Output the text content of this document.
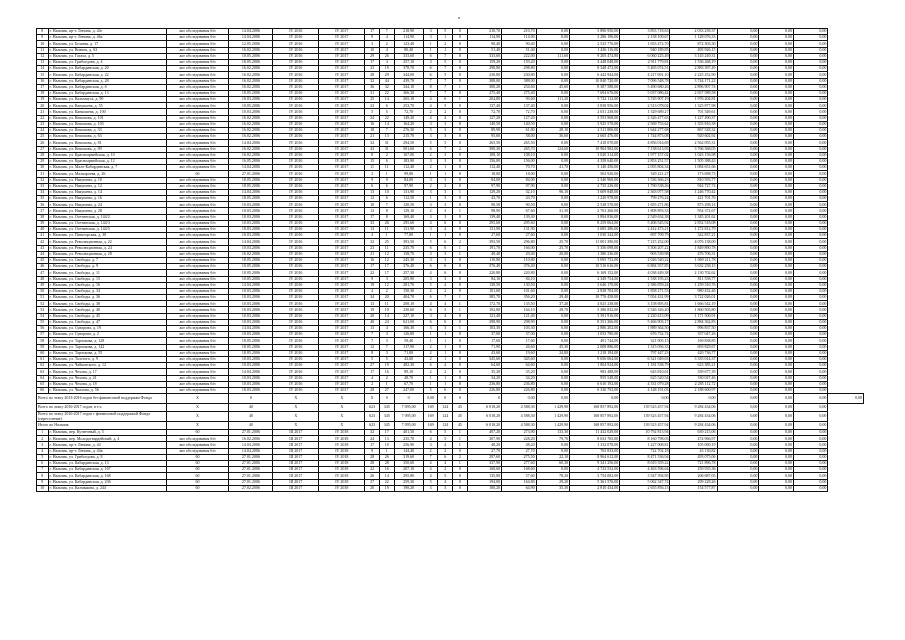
8	г. Нальчик, пр-т. Ленина, д. 44г	акт обследования б/н	14.04.2006	IV 2016	IV 2017	17	7	218,90	3	5	0	210,70	210,70	0,00	5 896 950,00	3 853 718,63	2 033 239,37	0,00	0,00	0,00	
9	г. Нальчик, пр-т. Ленина, д. 46а	акт обследования б/н	14.04.2006	IV 2016	IV 2017	9	4	114,90	3	1	0	114,90	114,90	0,00	3 286 196,00	2 138 109,67	1 128 076,33	0,00	0,00	0,00	
10	г. Нальчик, ул. Беляева, д. 17	акт обследования б/н	12.05.2006	IV 2016	IV 2017	3	2	123,40	1	2	0	90,40	90,40	0,00	2 525 776,00	1 653 472,70	872 303,30	0,00	0,00	0,00	
11	г. Нальчик, ул. Вовчок, д. 63	акт обследования б/н	16.02.2006	IV 2016	IV 2017	10	4	80,40	1	1	0	51,40	51,40	0,00	1 436 116,00	940 189,85	495 926,15	0,00	0,00	0,00	
12	г. Нальчик, ул. Гагаха, д. 5	акт обследования б/н	10.05.2006	IV 2016	IV 2017	29	26	333,60	6	7	0	333,60	222,00	111,60	9 205 474,80	6 060 225,49	3 145 249,31	0,00	0,00	0,00	
13	г. Нальчик, ул. Грибоедова, д. 4	акт обследования б/н	18.05.2006	IV 2016	IV 2017	17	4	257,10	3	5	0	159,20	159,20	0,00	4 448 048,00	2 911 779,81	1 536 268,19	0,00	0,00	0,00	
14	г. Нальчик, ул. Кабардинская, д. 20	акт обследования б/н	16.02.2006	IV 2016	IV 2017	23	19	378,70	6	7	0	298,80	298,80	0,00	8 348 472,00	5 465 074,51	2 883 397,49	0,00	0,00	0,00	
15	г. Нальчик, ул. Кабардинская, д. 22	акт обследования б/н	16.02.2006	IV 2016	IV 2017	28	29	344,00	6	5	0	230,80	230,80	0,00	6 442 944,00	4 217 691,10	2 225 252,90	0,00	0,00	0,00	
16	г. Нальчик, ул. Кабардинская, д. 28	акт обследования б/н	16.02.2006	IV 2016	IV 2017	32	44	439,70	7	7	0	388,00	388,00	0,00	10 840 720,00	7 096 548,78	3 744 171,22	0,00	0,00	0,00	
17	г. Нальчик, ул. Кабардинская, д. 6	акт обследования б/н	16.02.2006	IV 2016	IV 2017	36	32	344,10	8	7	1	300,20	254,60	45,60	8 387 588,00	5 490 680,26	2 896 907,74	0,00	0,00	0,00	
18	г. Нальчик, ул. Кабардинская, д. 13	акт обследования б/н	18.05.2006	IV 2016	IV 2017	31	22	366,30	7	7	0	275,40	275,40	0,00	7 694 676,00	5 037 086,42	2 657 589,58	0,00	0,00	0,00	
19	г. Нальчик, ул. Кальмиуса, д. 90	акт обследования б/н	10.03.2006	IV 2016	IV 2017	25	14	265,10	4	6	1	204,80	93,60	111,20	5 722 112,00	3 745 907,19	1 976 204,81	0,00	0,00	0,00	
20	г. Нальчик, ул. Канукоева, д. 55	акт обследования б/н	10.05.2006	IV 2016	IV 2017	23	6	253,70	4	5	0	137,40	137,40	0,00	3 838 956,00	2 513 078,02	1 325 877,98	0,00	0,00	0,00	
21	г. Нальчик, ул. Канкошева, д. 100	акт обследования б/н	10.03.2006	IV 2016	IV 2017	5	5	72,70	2	2	0	72,70	72,70	0,00	2 031 238,00	1 329 689,27	701 549,61	0,00	0,00	0,00	
22	г. Нальчик, ул. Кешокова, д. 101	акт обследования б/н	16.02.2006	IV 2016	IV 2017	24	22	149,20	4	4	0	127,20	127,20	0,00	3 553 968,00	2 326 477,63	1 227 490,37	0,00	0,00	0,00	
23	г. Нальчик, ул. Кешокова, д. 103	акт обследования б/н	16.02.2006	IV 2016	IV 2017	16	14	164,20	3	3	0	140,50	140,50	0,00	3 925 570,00	2 569 753,62	1 355 816,38	0,00	0,00	0,00	
24	г. Нальчик, ул. Кешокова, д. 33	акт обследования б/н	16.02.2006	IV 2016	IV 2017	18	7	276,30	5	3	0	89,90	61,80	28,10	2 511 806,00	1 644 277,68	867 528,32	0,00	0,00	0,00	
25	г. Нальчик, ул. Кешокова, д. 63	акт обследования б/н	16.02.2006	IV 2016	IV 2017	21	13	215,70	3	3	0	95,60	58,00	36,60	2 665 476,00	1 744 873,08	920 602,92	0,00	0,00	0,00	
26	г. Нальчик, ул. Кешокова, д. 81	акт обследования б/н	14.04.2006	IV 2016	IV 2017	32	31	294,50	5	5	0	265,50	265,50	0,00	7 418 070,00	4 856 014,69	2 562 055,31	0,00	0,00	0,00	
27	г. Нальчик, ул. Кешокова, д. 99	акт обследования б/н	16.02.2006	IV 2016	IV 2017	43	31	501,60	6	7	2	390,30	265,70	124,60	10 904 982,00	7 138 613,95	3 766 368,05	0,00	0,00	0,00	
28	г. Нальчик, ул. Красноармейская, д. 10	акт обследования б/н	16.02.2006	IV 2016	IV 2017	8	2	167,00	2	3	0	108,10	108,10	0,00	3 020 314,00	1 977 157,02	1 043 156,98	0,00	0,00	0,00	
29	г. Нальчик, ул. Красноармейская, д. 12	акт обследования б/н	16.05.2006	IV 2016	IV 2017	15	6	183,90	3	3	0	156,00	156,00	0,00	4 358 640,00	2 853 251,57	1 505 388,43	0,00	0,00	0,00	
30	г. Нальчик, ул. Мало-Кабардинская, д. 7	акт обследования б/н	14.04.2006	IV 2016	IV 2017	11	11	112,40	2	1	0	112,40	70,70	41,70	3 140 456,00	2 055 804,34	1 084 651,66	0,00	0,00	0,00	
31	г. Нальчик, ул. Малкароева, д. 26	60	27.01.2006	IV 2016	IV 2017	2	1	99,80	1	1	0	18,00	18,00	0,00	502 920,00	329 221,27	173 698,73	0,00	0,00	0,00	
32	г. Нальчик, ул. Накушева, д. 10	акт обследования б/н	18.05.2006	IV 2016	IV 2017	9	9	84,00	3	3	0	84,00	84,00	0,00	2 346 960,00	1 536 366,23	810 593,77	0,00	0,00	0,00	
33	г. Нальчик, ул. Накушева, д. 12	акт обследования б/н	18.05.2006	IV 2016	IV 2017	6	6	97,90	2	2	0	97,90	97,90	0,00	2 735 226,00	1 790 538,26	944 727,74	0,00	0,00	0,00	
34	г. Нальчик, ул. Накушева, д. 14	акт обследования б/н	14.04.2006	IV 2016	IV 2017	13	10	131,90	3	3	1	129,20	32,10	96,10	3 609 848,00	2 363 077,58	1 246 770,42	0,00	0,00	0,00	
35	г. Нальчик, ул. Накушева, д. 16	акт обследования б/н	18.05.2006	IV 2016	IV 2017	12	6	112,50	1	3	0	43,70	43,70	0,00	1 220 978,00	799 276,24	421 701,76	0,00	0,00	0,00	
36	г. Нальчик, ул. Накушева, д. 24	акт обследования б/н	10.03.2006	IV 2016	IV 2017	10	7	120,50	3	3	0	90,50	90,50	0,00	2 528 570,00	1 655 271,86	873 298,14	0,00	0,00	0,00	
37	г. Нальчик, ул. Накушева, д. 28	акт обследования б/н	10.03.2006	IV 2016	IV 2017	12	8	129,10	2	3	1	98,90	67,60	31,30	2 763 266,00	1 808 893,33	954 372,67	0,00	0,00	0,00	
38	г. Нальчик, ул. Осетинская, д. 144/2	акт обследования б/н	10.03.2006	IV 2016	IV 2017	17	8	169,40	3	3	0	139,40	139,40	0,00	3 894 836,00	2 549 634,38	1 345 201,62	0,00	0,00	0,00	
39	г. Нальчик, ул. Осетинская, д. 144/3	акт обследования б/н	10.03.2006	IV 2016	IV 2017	33	26	295,60	4	6	0	295,60	295,60	0,00	8 259 064,00	5 406 545,92	2 852 518,08	0,00	0,00	0,00	
40	г. Нальчик, ул. Осетинская, д. 144/5	акт обследования б/н	18.03.2006	IV 2016	IV 2017	13	11	131,90	3	4	0	131,90	131,90	0,00	3 685 286,00	2 412 473,21	1 272 812,79	0,00	0,00	0,00	
41	г. Нальчик, ул. Пятигорская, д. 38	акт обследования б/н	10.03.2006	IV 2016	IV 2017	4	1	77,80	1	1	0	27,60	27,60	0,00	1 030 344,00	697 709,79	342 837,21	0,00	0,00	0,00	
42	г. Нальчик, ул. Революционная, д. 22	акт обследования б/н	14.04.2006	IV 2016	IV 2017	32	25	393,50	5	6	2	393,50	296,80	25,70	11 001 390,00	7 215 252,00	4 076 138,00	0,00	0,00	0,00	
43	г. Нальчик, ул. Революционная, д. 24	акт обследования б/н	10.03.2006	IV 2016	IV 2017	23	11	235,70	6	6	1	191,70	166,00	25,70	5 356 098,00	3 506 207,22	1 849 890,78	0,00	0,00	0,00	
44	г. Нальчик, ул. Революционная, д. 28	акт обследования б/н	16.02.2006	IV 2016	IV 2017	21	12	158,70	3	3	1	49,40	29,40	20,00	1 380 236,00	903 539,98	476 706,31	0,00	0,00	0,00	
45	г. Нальчик, ул. Свободы, д. 7	акт обследования б/н	18.05.2006	IV 2016	IV 2017	16	12	245,30	3	3	0	110,80	110,80	0,00	3 095 752,00	2 026 540,22	1 069 211,78	0,00	0,00	0,00	
46	г. Нальчик, ул. Свободы, д. 9	акт обследования б/н	10.05.2006	IV 2016	IV 2017	17	17	376,40	6	6	0	376,40	376,40	0,00	10 516 616,00	6 884 357,85	3 632 258,15	0,00	0,00	0,00	
47	г. Нальчик, ул. Свободы, д. 11	акт обследования б/н	10.05.2006	IV 2016	IV 2017	22	17	257,30	4	6	0	220,80	220,80	0,00	6 169 152,00	4 038 449,38	2 130 702,62	0,00	0,00	0,00	
48	г. Нальчик, ул. Свободы, д. 15	акт обследования б/н	10.05.2006	IV 2016	IV 2017	9	3	205,90	3	3	0	84,10	84,10	0,00	2 349 754,00	1 538 195,23	811 558,77	0,00	0,00	0,00	
49	г. Нальчик, ул. Свободы, д. 16	акт обследования б/н	14.04.2006	IV 2016	IV 2017	19	12	281,70	5	4	0	130,50	130,50	0,00	3 646 170,00	2 386 859,24	1 259 310,76	0,00	0,00	0,00	
50	г. Нальчик, ул. Свободы, д. 34	акт обследования б/н	10.03.2006	IV 2016	IV 2017	4	2	150,30	2	2	0	101,60	101,60	0,00	2 838 704,00	1 858 271,53	980 432,46	0,00	0,00	0,00	
51	г. Нальчик, ул. Свободы, д. 36	акт обследования б/н	10.03.2006	IV 2016	IV 2017	34	20	404,70	6	7	1	385,70	356,20	29,40	10 776 458,00	7 054 431,99	3 722 026,01	0,00	0,00	0,00	
52	г. Нальчик, ул. Свободы, д. 38	акт обследования б/н	10.03.2006	IV 2016	IV 2017	13	11	208,10	4	4	1	172,70	135,50	37,20	4 825 238,00	3 158 695,81	1 666 542,19	0,00	0,00	0,00	
53	г. Нальчик, ул. Свободы, д. 40	акт обследования б/н	10.03.2006	IV 2016	IV 2017	19	10	230,60	6	5	1	192,80	164,10	28,70	5 386 832,00	3 526 326,20	1 860 505,80	0,00	0,00	0,00	
54	г. Нальчик, ул. Свободы, д. 45	акт обследования б/н	10.03.2006	IV 2016	IV 2017	20	14	227,10	3	4	0	121,40	121,40	0,00	3 391 916,00	2 220 415,09	1 171 500,91	0,00	0,00	0,00	
55	г. Нальчик, ул. Свободы, д. 47	акт обследования б/н	10.03.2006	IV 2016	IV 2017	40	24	621,00	6	6	0	298,90	298,90	0,00	8 351 266,00	5 466 903,17	2 884 362,83	0,00	0,00	0,00	
56	г. Нальчик, ул. Суворова, д. 19	акт обследования б/н	14.04.2006	IV 2016	IV 2017	13	4	166,30	3	3	1	103,30	103,30	0,00	2 886 202,00	1 889 364,50	996 837,50	0,00	0,00	0,00	
57	г. Нальчик, ул. Суворова, д. 2	акт обследования б/н	10.03.2006	IV 2016	IV 2017	7	3	126,80	1	1	0	37,00	37,00	0,00	1 033 780,00	676 732,74	357 047,26	0,00	0,00	0,00	
58	г. Нальчик, ул. Тарчокова, д. 128	акт обследования б/н	18.05.2006	IV 2016	IV 2017	7	3	59,40	1	1	0	17,60	17,60	0,00	491 744,00	321 905,15	169 838,85	0,00	0,00	0,00	
59	г. Нальчик, ул. Тарчокова, д. 142	акт обследования б/н	18.05.2006	IV 2016	IV 2017	12	7	117,90	2	1	0	71,90	26,60	45,30	2 008 886,00	1 315 056,33	693 829,67	0,00	0,00	0,00	
60	г. Нальчик, ул. Тарчокова, д. 55	акт обследования б/н	18.05.2006	IV 2016	IV 2017	8	3	71,00	2	1	0	43,60	19,60	24,00	1 218 184,00	797 447,23	420 736,77	0,00	0,00	0,00	
61	г. Нальчик, ул. Толстого, д. 9	акт обследования б/н	10.03.2006	IV 2016	IV 2017	5	5	43,60	2	1	0	345,60	345,60	0,00	9 656 064,00	6 321 049,63	3 335 014,37	0,00	0,00	0,00	
62	г. Нальчик, ул. Чайковского, д. 12	акт обследования б/н	10.03.2006	IV 2016	IV 2017	27	19	482,30	6	4	0	64,60	64,60	0,00	1 804 924,00	1 181 538,79	623 385,21	0,00	0,00	0,00	
63	г. Нальчик, ул. Чехова, д. 17	акт обследования б/н	14.04.2006	IV 2016	IV 2017	17	16	89,10	2	2	0	35,20	35,20	0,00	983 488,00	643 810,61	339 677,39	0,00	0,00	0,00	
64	г. Нальчик, ул. Чехова, д. 41	акт обследования б/н	10.03.2006	IV 2016	IV 2017	4	2	48,70	1	1	0	34,20	34,20	0,00	955 548,00	625 520,54	330 027,46	0,00	0,00	0,00	
65	г. Нальчик, ул. Чехова, д. 18	акт обследования б/н	10.03.2006	IV 2016	IV 2017	2	1	67,70	1	1	0	236,80	236,80	0,00	6 616 192,00	4 331 079,28	2 285 112,72	0,00	0,00	0,00	
66	г. Нальчик, ул. Чкалова, д. 56	акт обследования б/н	18.03.2006	IV 2016	IV 2017	28	27	247,00	5	6	0	226,80	226,80	0,00	6 336 792,00	4 148 191,03	2 188 600,97	0,00	0,00	0,00	
Всего по этапу 2013-2016 годов без финансовой поддержки Фонда		X	0	X	X	X	0	0	0,00	0	0	0	0,00	0,00	0,00	0,00	0,00	0,00	0,00	0,00	0,00
Всего по этапу 2016-2017 годов, в т.ч.		X	40	X	X	623	345	7 095,00	169	124	45	6 018,20	4 588,30	1 429,90	168 857 892,00	139 523 457,94	9 284 434,06	0,00	0,00	0,00	
Всего по этапу 2016-2017 годов с финансовой поддержкой Фонда (переселение)		X	40	X	X	623	345	7 095,00	169	124	45	6 018,20	4 588,30	1 429,90	168 857 892,00	139 523 457,94	9 284 434,06	0,00	0,00	0,00	
Итого по Нальчик		X	40	X	X	623	345	7 095,00	169	124	45	6 018,20	4 588,30	1 429,90	168 857 892,00	139 523 457,94	9 284 434,06	0,00	0,00	0,00	
1	г. Нальчик, пер. Кузнечный, д. 5	60	27.01.2006	III 2017	IV 2018	32	17	401,50	6	5	1	407,20	273,90	133,30	11 432 029,00	10 792 813,94	639 215,06	0,00	0,00	0,00	
2	г. Нальчик, пер. Молодогвардейский, д. 4	акт обследования б/н	16.02.2006	III 2017	IV 2018	24	13	235,70	4	5	1	307,90	228,20	79,70	8 633 765,00	8 160 798,03	474 966,97	0,00	0,00	0,00	
3	г. Нальчик, пр-т. Ленина, д. 44	акт обследования б/н	14.04.2006	III 2017	IV 2018	17	10	256,90	3	4	1	48,20	48,20	0,00	1 332 078,00	1 227 008,81	105 069,19	0,00	0,00	0,00	
4	г. Нальчик, пр-т. Ленина, д. 44в	акт обследования б/н	14.04.2006	III 2017	IV 2018	9	1	144,40	2	2	0	27,70	27,70	0,00	765 833,00	722 702,18	43 130,82	0,00	0,00	0,00	
5	г. Нальчик, ул. Грибоедова, д. 8	60	27.01.2006	III 2017	IV 2018	28	26	319,60	7	6	2	297,60	275,50	22,10	8 964 612,00	8 471 536,94	493 075,06	0,00	0,00	0,00	
6	г. Нальчик, ул. Кабардинская, д. 13	60	27.01.2006	III 2017	IV 2018	28	28	350,60	4	4	1	337,90	277,60	60,30	9 341 256,00	8 619 359,22	721 896,78	0,00	0,00	0,00	
7	г. Нальчик, ул. Кабардинская, д. 167	60	27.01.2006	III 2017	IV 2018	22	16	207,10	4	2	0	168,60	168,60	0,00	4 723 532,00	4 463 596,64	259 935,36	0,00	0,00	0,00	
8	г. Нальчик, ул. Кабардинская, д. 168	60	27.01.2006	III 2017	IV 2018	26	14	295,80	4	5	0	135,80	57,60	78,20	3 754 082,00	3 547 394,95	206 687,05	0,00	0,00	0,00	
9	г. Нальчик, ул. Кабардинская, д. 236	60	27.01.2006	III 2017	IV 2018	27	22	259,30	5	4	0	194,00	164,80	29,20	5 361 576,00	5 062 347,74	299 228,26	0,00	0,00	0,00	
10	г. Нальчик, ул. Калмыкова, д. 244	60	27.02.2006	III 2017	IV 2018	20	19	190,20	3	3	0	100,20	64,90	35,30	2 810 434,00	2 655 856,13	154 577,87	0,00	0,00	0,00	
